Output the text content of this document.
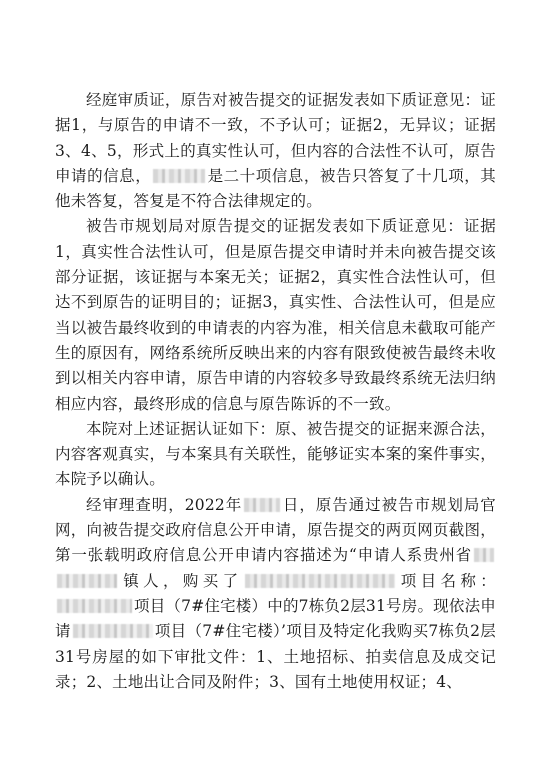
经庭审质证，原告对被告提交的证据发表如下质证意见：证据1，与原告的申请不一致，不予认可；证据2，无异议；证据3、4、5，形式上的真实性认可，但内容的合法性不认可，原告申请的信息，	是二十项信息，被告只答复了十几项，其他未答复，答复是不符合法律规定的。

被告市规划局对原告提交的证据发表如下质证意见：证据1，真实性合法性认可，但是原告提交申请时并未向被告提交该部分证据，该证据与本案无关；证据2，真实性合法性认可，但达不到原告的证明目的；证据3，真实性、合法性认可，但是应当以被告最终收到的申请表的内容为准，相关信息未截取可能产生的原因有，网络系统所反映出来的内容有限致使被告最终未收到以相关内容申请，原告申请的内容较多导致最终系统无法归纳相应内容，最终形成的信息与原告陈诉的不一致。

本院对上述证据认证如下：原、被告提交的证据来源合法，内容客观真实，与本案具有关联性，能够证实本案的案件事实，本院予以确认。

经审理查明，2022年	日，原告通过被告市规划局官网，向被告提交政府信息公开申请，原告提交的两页网页截图，第一张载明政府信息公开申请内容描述为“申请人系贵州省镇人，购买了	项目名称：项目（7#住宅楼）中的7栋负2层31号房。现依法申请	项目（7#住宅楼）’项目及特定化我购买7栋负2层31号房屋的如下审批文件：1、土地招标、拍卖信息及成交记录；2、土地出让合同及附件；3、国有土地使用权证；4、
